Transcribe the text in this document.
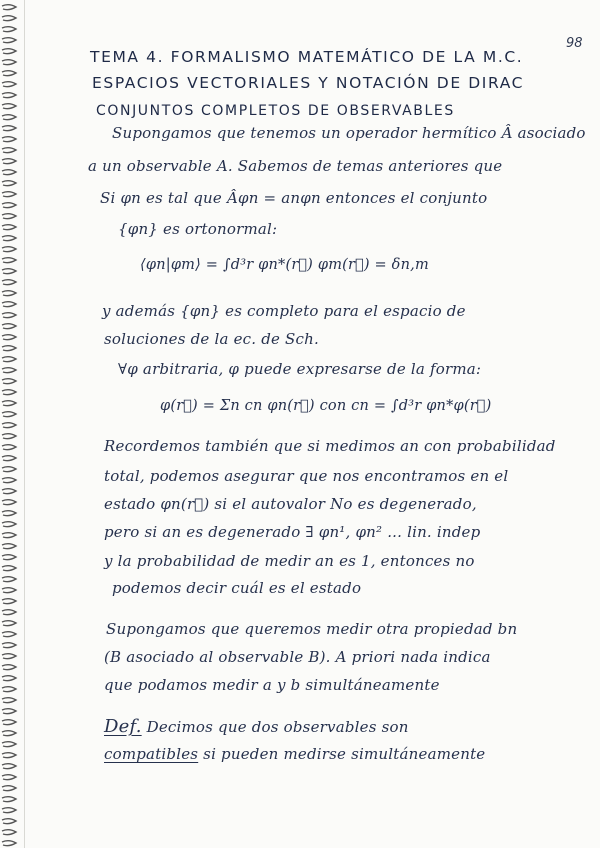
98
TEMA 4. FORMALISMO MATEMÁTICO DE LA M.C.
ESPACIOS VECTORIALES Y NOTACIÓN DE DIRAC
CONJUNTOS COMPLETOS DE OBSERVABLES
Supongamos que tenemos un operador hermítico Â asociado
a un observable A. Sabemos de temas anteriores que
Si φn es tal que Âφn = anφn entonces el conjunto
{φn} es ortonormal:
⟨φn|φm⟩ = ∫d³r φn*(r⃗) φm(r⃗) = δn,m
y además {φn} es completo para el espacio de
soluciones de la ec. de Sch.
∀φ arbitraria, φ puede expresarse de la forma:
φ(r⃗) = Σn cn φn(r⃗) con cn = ∫d³r φn*φ(r⃗)
Recordemos también que si medimos an con probabilidad
total, podemos asegurar que nos encontramos en el
estado φn(r⃗) si el autovalor No es degenerado,
pero si an es degenerado ∃ φn¹, φn² ... lin. indep
y la probabilidad de medir an es 1, entonces no
podemos decir cuál es el estado
Supongamos que queremos medir otra propiedad bn
(B asociado al observable B). A priori nada indica
que podamos medir a y b simultáneamente
Def. Decimos que dos observables son
compatibles si pueden medirse simultáneamente
